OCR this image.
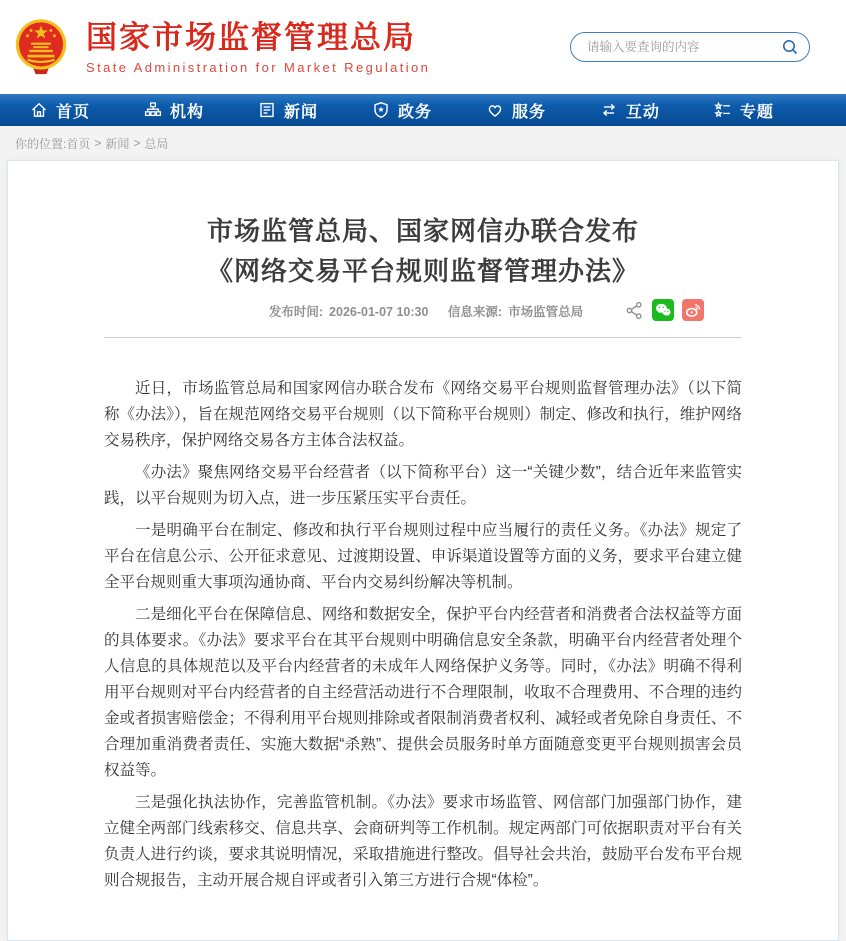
国家市场监督管理总局
State Administration for Market Regulation
请输入要查询的内容
首页	机构	新闻	政务	服务	互动	专题
你的位置: 首页 > 新闻 > 总局
市场监管总局、国家网信办联合发布
《网络交易平台规则监督管理办法》
发布时间: 2026-01-07 10:30 信息来源: 市场监管总局

近日，市场监管总局和国家网信办联合发布《网络交易平台规则监督管理办法》（以下简称《办法》），旨在规范网络交易平台规则（以下简称平台规则）制定、修改和执行，维护网络交易秩序，保护网络交易各方主体合法权益。

《办法》聚焦网络交易平台经营者（以下简称平台）这一“关键少数”，结合近年来监管实践，以平台规则为切入点，进一步压紧压实平台责任。

一是明确平台在制定、修改和执行平台规则过程中应当履行的责任义务。《办法》规定了平台在信息公示、公开征求意见、过渡期设置、申诉渠道设置等方面的义务，要求平台建立健全平台规则重大事项沟通协商、平台内交易纠纷解决等机制。

二是细化平台在保障信息、网络和数据安全，保护平台内经营者和消费者合法权益等方面的具体要求。《办法》要求平台在其平台规则中明确信息安全条款，明确平台内经营者处理个人信息的具体规范以及平台内经营者的未成年人网络保护义务等。同时，《办法》明确不得利用平台规则对平台内经营者的自主经营活动进行不合理限制，收取不合理费用、不合理的违约金或者损害赔偿金；不得利用平台规则排除或者限制消费者权利、减轻或者免除自身责任、不合理加重消费者责任、实施大数据“杀熟”、提供会员服务时单方面随意变更平台规则损害会员权益等。

三是强化执法协作，完善监管机制。《办法》要求市场监管、网信部门加强部门协作，建立健全两部门线索移交、信息共享、会商研判等工作机制。规定两部门可依据职责对平台有关负责人进行约谈，要求其说明情况，采取措施进行整改。倡导社会共治，鼓励平台发布平台规则合规报告，主动开展合规自评或者引入第三方进行合规“体检”。
